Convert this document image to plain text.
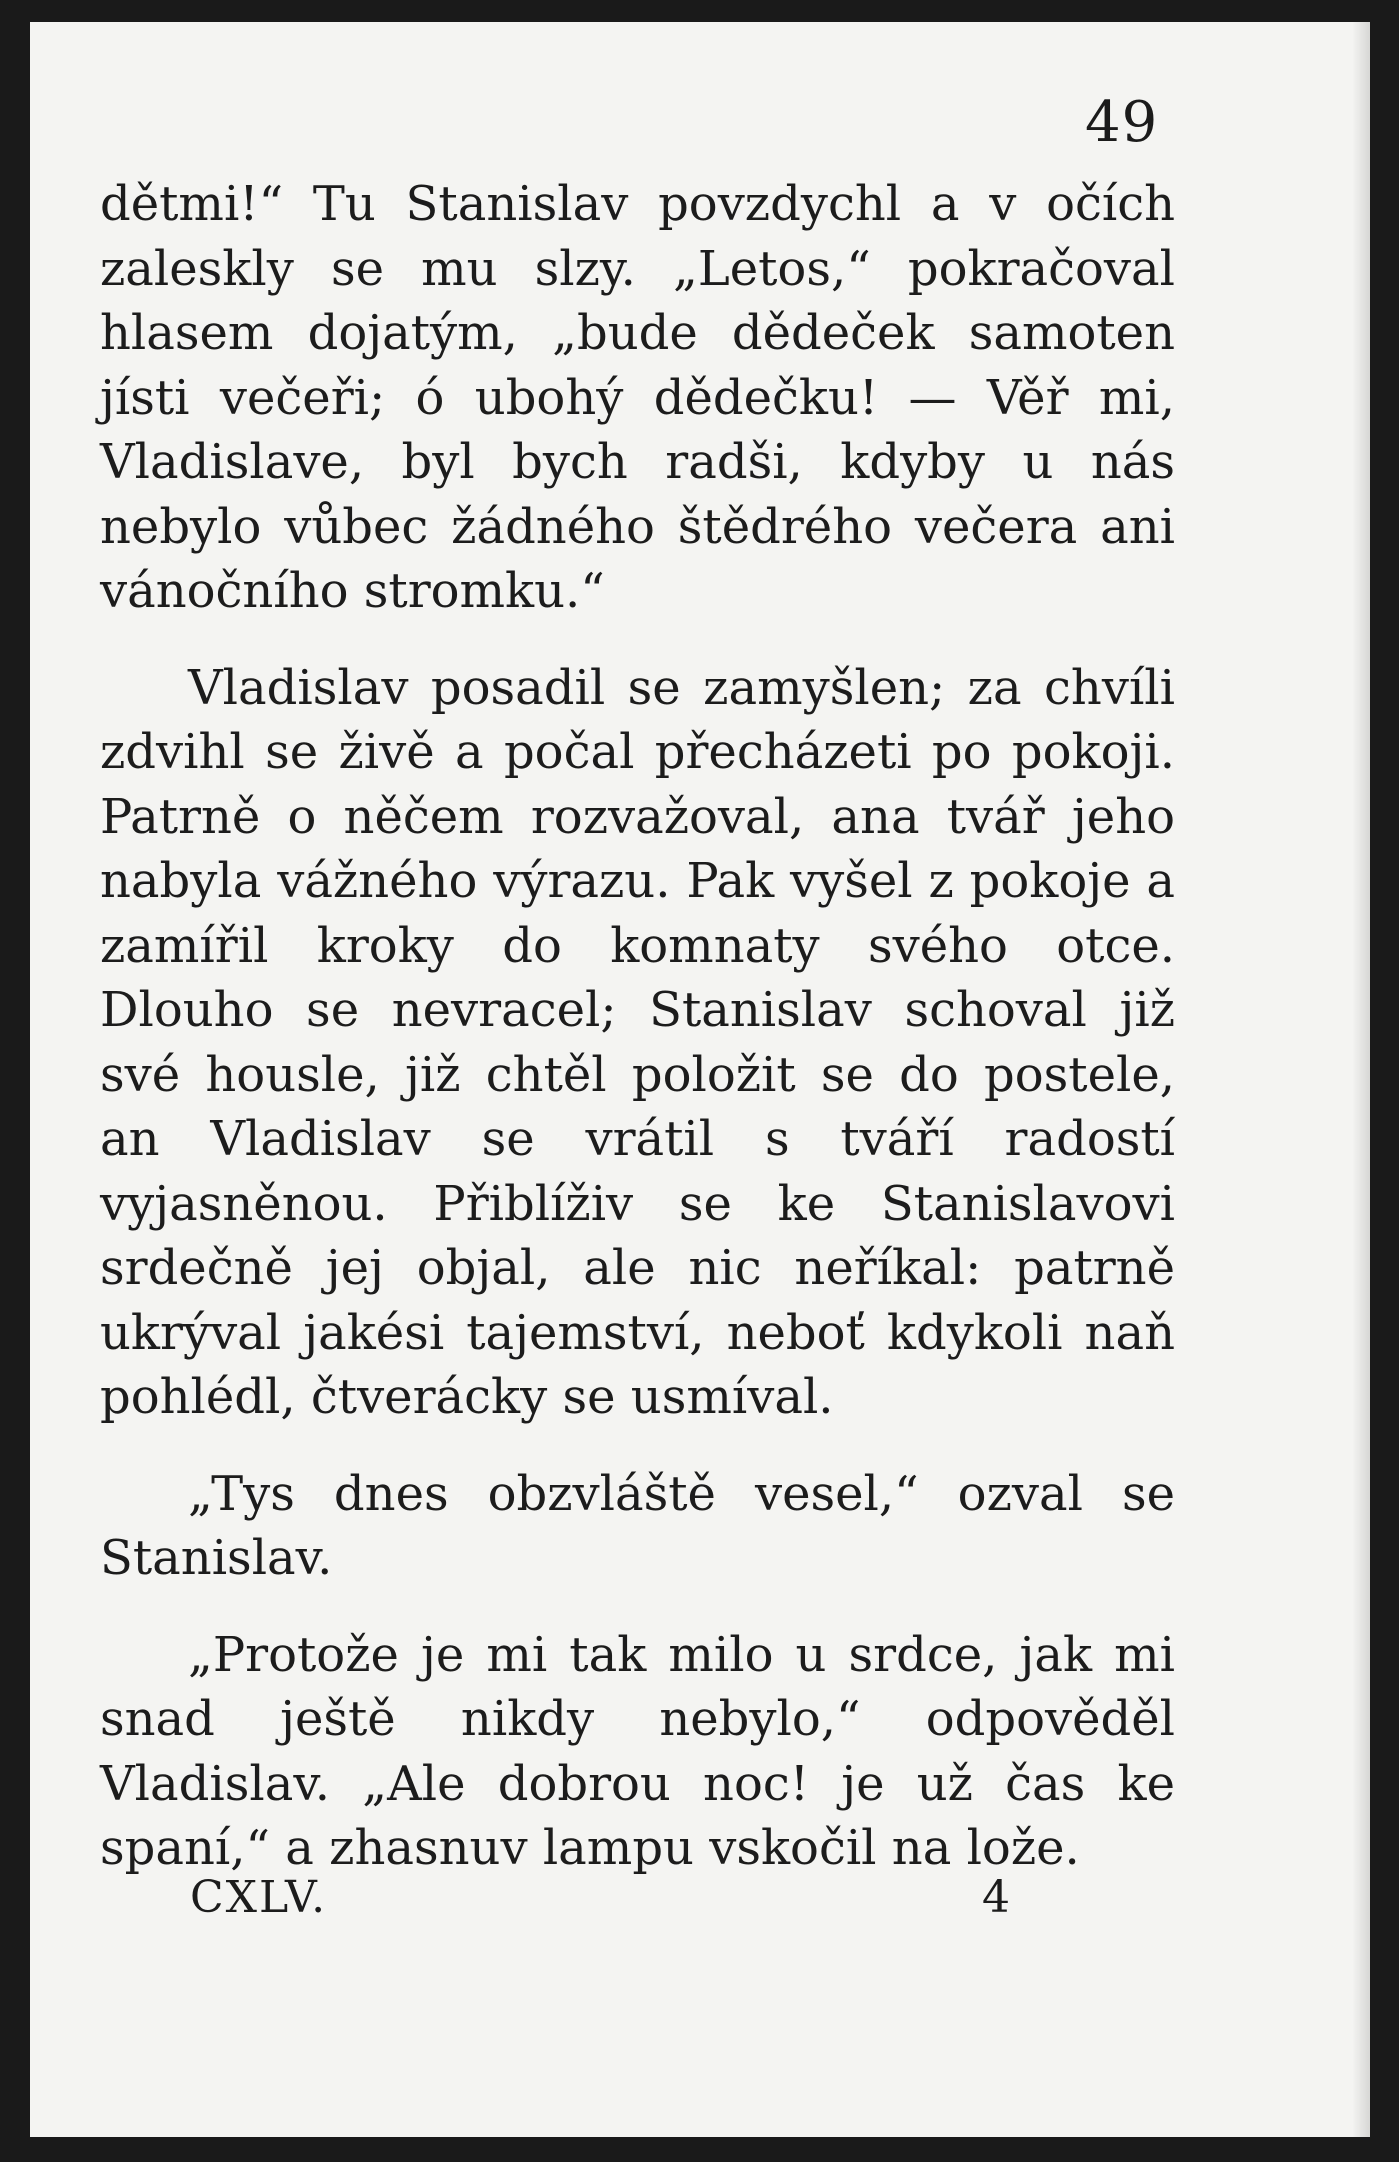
49

dětmi!“ Tu Stanislav povzdychl a v očích zaleskly se mu slzy. „Letos,“ pokračoval hlasem dojatým, „bude dědeček samoten jísti večeři; ó ubohý dědečku! — Věř mi, Vladislave, byl bych radši, kdyby u nás nebylo vůbec žádného štědrého večera ani vánočního stromku.“

Vladislav posadil se zamyšlen; za chvíli zdvihl se živě a počal přecházeti po pokoji. Patrně o něčem rozvažoval, ana tvář jeho nabyla vážného výrazu. Pak vyšel z pokoje a zamířil kroky do komnaty svého otce. Dlouho se nevracel; Stanislav schoval již své housle, již chtěl položit se do postele, an Vladislav se vrátil s tváří radostí vyjasněnou. Přiblíživ se ke Stanislavovi srdečně jej objal, ale nic neříkal: patrně ukrýval jakési tajemství, neboť kdykoli naň pohlédl, čtverácky se usmíval.

„Tys dnes obzvláště vesel,“ ozval se Stanislav.

„Protože je mi tak milo u srdce, jak mi snad ještě nikdy nebylo,“ odpověděl Vladislav. „Ale dobrou noc! je už čas ke spaní,“ a zhasnuv lampu vskočil na lože.

CXLV.	4
